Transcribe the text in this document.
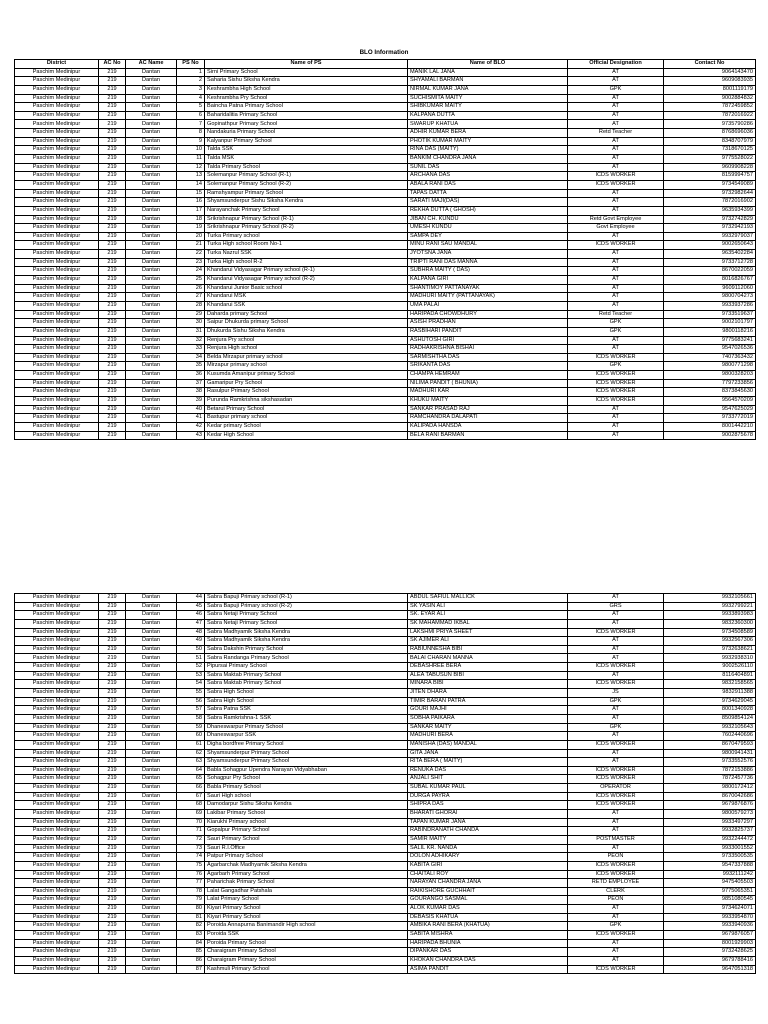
BLO Information
District	AC No	AC Name	PS No	Name of PS	Name of BLO	Official Designation	Contact No
Paschim Medinipur	219	Dantan	1	Sirni Primary School	MANIK LAL JANA	AT	9064143470
Paschim Medinipur	219	Dantan	2	Saharia Sishu Siksha Kendra	SHYAMALI BARMAN	AT	9609083935
Paschim Medinipur	219	Dantan	3	Keshrambha High School	NIRMAL KUMAR JANA	GPK	8001119179
Paschim Medinipur	219	Dantan	4	Keshrambha Pry School	SUCHISMITA MAITY	AT	9002884832
Paschim Medinipur	219	Dantan	5	Baincha Patna Primary School	SHIBKUMAR MAITY	AT	7872459852
Paschim Medinipur	219	Dantan	6	Baharidalitia Primary School	KALPANA DUTTA	AT	7872016922
Paschim Medinipur	219	Dantan	7	Gopinathpur Primary School	SWARUP KHATUA	AT	9735790286
Paschim Medinipur	219	Dantan	8	Nandakuria Primary School	ADHIR KUMAR BERA	Retd Teacher	8768696036
Paschim Medinipur	219	Dantan	9	Kalyanpur Primary School	PHOTIK KUMAR MAITY	AT	8348707979
Paschim Medinipur	219	Dantan	10	Talda SSK	RINA DAS (MAITY)	AT	7318670125
Paschim Medinipur	219	Dantan	11	Talda MSK	BANKIM CHANDRA JANA	AT	9775528022
Paschim Medinipur	219	Dantan	12	Talda Primary School	SUNIL DAS	AT	9609908228
Paschim Medinipur	219	Dantan	13	Solemanpur Primary School (R-1)	ARCHANA DAS	ICDS WORKER	8159994757
Paschim Medinipur	219	Dantan	14	Solemanpur Primary School (R-2)	ABALA RANI DAS	ICDS WORKER	9734549089
Paschim Medinipur	219	Dantan	15	Ramshyampur Primary School	TAPAS DATTA	AT	9732982644
Paschim Medinipur	219	Dantan	16	Shyamsunderpur Sishu Siksha Kendra	SARATI MAJI(DAS)	AT	7872016902
Paschim Medinipur	219	Dantan	17	Narayanchak Primary School	REKHA DUTTA ( GHOSH)	AT	9635934399
Paschim Medinipur	219	Dantan	18	Srikrishnapur Primary School (R-1)	JIBAN CH. KUNDU	Retd Govt Employee	9732742829
Paschim Medinipur	219	Dantan	19	Srikrishnapur Primary School (R-2)	UMESH KUNDU	Govt Employee	9732942193
Paschim Medinipur	219	Dantan	20	Turka Primary school	SAMPA DEY	AT	9932979037
Paschim Medinipur	219	Dantan	21	Turka High school Room No-1	MINU RANI SAU MANDAL	ICDS WORKER	9002650643
Paschim Medinipur	219	Dantan	22	Turka Nazrul SSK	JYOTSNA JANA	AT	9635402284
Paschim Medinipur	219	Dantan	23	Turka High school R-2	TRIPTI RANI DAS MANNA	AT	9733712728
Paschim Medinipur	219	Dantan	24	Khandarui Vidyasagar Primary school (R-1)	SUBHRA MAITY ( DAS)	AT	8670022059
Paschim Medinipur	219	Dantan	25	Khandarui Vidyasagar Primary school (R-2)	KALPANA GIRI	AT	8016826767
Paschim Medinipur	219	Dantan	26	Khandarui Junior Basic school	SHANTIMOY PATTANAYAK	AT	9609112060
Paschim Medinipur	219	Dantan	27	Khandarui MSK	MADHURI MAITY (PATTANAYAK)	AT	9800704273
Paschim Medinipur	219	Dantan	28	Khandarui SSK	UMA PALAI	AT	9933937286
Paschim Medinipur	219	Dantan	29	Daharda primary School	HARIPADA CHOWDHURY	Retd Teacher	9733519637
Paschim Medinipur	219	Dantan	30	Saipur Dhukurda primary School	ASISH PRADHAN	GPK	9002101797
Paschim Medinipur	219	Dantan	31	Dhukurda Sishu Siksha Kendra	RASBIHARI PANDIT	GPK	9800118216
Paschim Medinipur	219	Dantan	32	Renjura Pry school	ASHUTOSH GIRI	AT	9775683241
Paschim Medinipur	219	Dantan	33	Renjura High school	RADHAKRISHNA BISHAI	AT	9547026536
Paschim Medinipur	219	Dantan	34	Belda Mirzapur primary school	SARMISHTHA DAS	ICDS WORKER	7407363432
Paschim Medinipur	219	Dantan	35	Mirzapur primary school	SRIKANTA DAS	GPK	9800771298
Paschim Medinipur	219	Dantan	36	Kusumda Amanipur primary School	CHAMPA HEMRAM	ICDS WORKER	9800328203
Paschim Medinipur	219	Dantan	37	Gamaripur Pry School	NILIMA PANDIT ( BHUNIA)	ICDS WORKER	7797233856
Paschim Medinipur	219	Dantan	38	Rasulpur Primary School	MADHURI KAR	ICDS WORKER	8373845630
Paschim Medinipur	219	Dantan	39	Purunda Ramkrishna sikshasadan	KHUKU MAITY	ICDS WORKER	9564570209
Paschim Medinipur	219	Dantan	40	Betarui Primary School	SANKAR PRASAD RAJ	AT	9547625029
Paschim Medinipur	219	Dantan	41	Bastupur primary school	RAMCHANDRA DALAPATI	AT	9733772019
Paschim Medinipur	219	Dantan	42	Kedar primary School	KALIPADA HANSDA	AT	8001442210
Paschim Medinipur	219	Dantan	43	Kedar High School	BELA RANI BARMAN	AT	9002875678
Paschim Medinipur	219	Dantan	44	Sabra Bapuji Primary school (R-1)	ABDUL SAFIUL MALLICK	AT	9932105661
Paschim Medinipur	219	Dantan	45	Sabra Bapuji Primary school (R-2)	SK YASIN ALI	GRS	9932799221
Paschim Medinipur	219	Dantan	46	Sabra Netaji Primary School	SK. EYAR ALI	AT	9933893983
Paschim Medinipur	219	Dantan	47	Sabra Netaji Primary School	SK MAHAMMAD IKBAL	AT	9832360300
Paschim Medinipur	219	Dantan	48	Sabra Madhyamik Siksha Kendra	LAKSHMI PRIYA SHEET	ICDS WORKER	9734508589
Paschim Medinipur	219	Dantan	49	Sabra Madhyamik Siksha Kendra	SK AJIMER ALI	AT	9932567306
Paschim Medinipur	219	Dantan	50	Sabra Dakshin Primary School	RABIUNNESHA BIBI	AT	9732638621
Paschim Medinipur	219	Dantan	51	Sabra Randanga Primary School	BALAI CHARAN MANNA	AT	9932938310
Paschim Medinipur	219	Dantan	52	Pipursai Primary School	DEBASHREE BERA	ICDS WORKER	9002526110
Paschim Medinipur	219	Dantan	53	Sabra Maktab Primary School	ALEA TABUSUN BIBI	AT	8116404891
Paschim Medinipur	219	Dantan	54	Sabra Maktab Primary School	MINARA BIBI	ICDS WORKER	9832158565
Paschim Medinipur	219	Dantan	55	Sabra High School	JITEN DHARA	JS	9832911388
Paschim Medinipur	219	Dantan	56	Sabra High School	TIMIR BARAN PATRA	GPK	9734629045
Paschim Medinipur	219	Dantan	57	Sabra Patna SSK	GOURI MAJHI	AT	8001340928
Paschim Medinipur	219	Dantan	58	Sabra Ramkrishna-1 SSK	SOBHA PAIKARA	AT	8509854124
Paschim Medinipur	219	Dantan	59	Dhaneswarpur Primary School	SANKAR MAITY	GPK	9932105643
Paschim Medinipur	219	Dantan	60	Dhaneswarpur SSK	MADHURI BERA	AT	7602440696
Paschim Medinipur	219	Dantan	61	Digha bordfree Primary School	MANISHA (DAS) MANDAL	ICDS WORKER	8670479593
Paschim Medinipur	219	Dantan	62	Shyamsunderpur Primary School	GITA JANA	AT	9800941431
Paschim Medinipur	219	Dantan	63	Shyamsunderpur Primary School	RITA BERA ( MAITY)	AT	9733552576
Paschim Medinipur	219	Dantan	64	Babla Sohagpur Upendra Narayan Vidyabhaban	RENUKA DAS	ICDS WORKER	7872153886
Paschim Medinipur	219	Dantan	65	Sohagpur Pry School	ANJALI SHIT	ICDS WORKER	7872457736
Paschim Medinipur	219	Dantan	66	Babla Primary School	SUBAL KUMAR PAUL	OPERATOR	9800172412
Paschim Medinipur	219	Dantan	67	Sauri High school	DURGA PAYRA	ICDS WORKER	8670042686
Paschim Medinipur	219	Dantan	68	Damodarpur Sishu Siksha Kendra	SHIPRA DAS	ICDS WORKER	9679876876
Paschim Medinipur	219	Dantan	69	Lakibar Primary School	BHARATI GHORAI	AT	9800579273
Paschim Medinipur	219	Dantan	70	Kiarukhi Primary school	TAPAN KUMAR JANA	AT	9933497297
Paschim Medinipur	219	Dantan	71	Gopalpur Primary School	RABINDRANATH CHANDA	AT	9932825737
Paschim Medinipur	219	Dantan	72	Sauri Primary School	SAMIR MAITY	POSTMASTER	9932244472
Paschim Medinipur	219	Dantan	73	Sauri R.I.Office	SALIL KR. NANDA	AT	9933001552
Paschim Medinipur	219	Dantan	74	Patpur Primary School	DOLON ADHIKARY	PEON	9733500535
Paschim Medinipur	219	Dantan	75	Agarbarchak Madhyamik Siksha Kendra	KABITA GIRI	ICDS WORKER	9547337888
Paschim Medinipur	219	Dantan	76	Agarbarh Primary School	CHAITALI ROY	ICDS WORKER	9932111242
Paschim Medinipur	219	Dantan	77	Paharichak Primary School	NARAYAN CHANDRA JANA	RETD EMPLOYEE	9475405503
Paschim Medinipur	219	Dantan	78	Lalat Gangadhar Patshala	RAIKISHORE GUCHHAIT	CLERK	9775065351
Paschim Medinipur	219	Dantan	79	Lalat Primary School	GOURANGO SASMAL	PEON	9851080545
Paschim Medinipur	219	Dantan	80	Kiyari Primary School	ALOK KUMAR DAS	AT	9734624071
Paschim Medinipur	219	Dantan	81	Kiyari Primary School	DEBASIS KHATUA	AT	9933954870
Paschim Medinipur	219	Dantan	82	Poroida Annapurna Banimandir High school	AMBIKA RANI BERA (KHATUA)	GPK	9933940936
Paschim Medinipur	219	Dantan	83	Poroida SSK	SABITA MISHRA	ICDS WORKER	9679876057
Paschim Medinipur	219	Dantan	84	Poroida Primary School	HARIPADA BHUNIA	AT	8001929903
Paschim Medinipur	219	Dantan	85	Charaigram Primary School	DIPANKAR DAS	AT	9732428625
Paschim Medinipur	219	Dantan	86	Charaigram Primary School	KHOKAN CHANDRA DAS	AT	9679788416
Paschim Medinipur	219	Dantan	87	Kashmuli Primary School	ASIMA PANDIT	ICDS WORKER	9647051318
